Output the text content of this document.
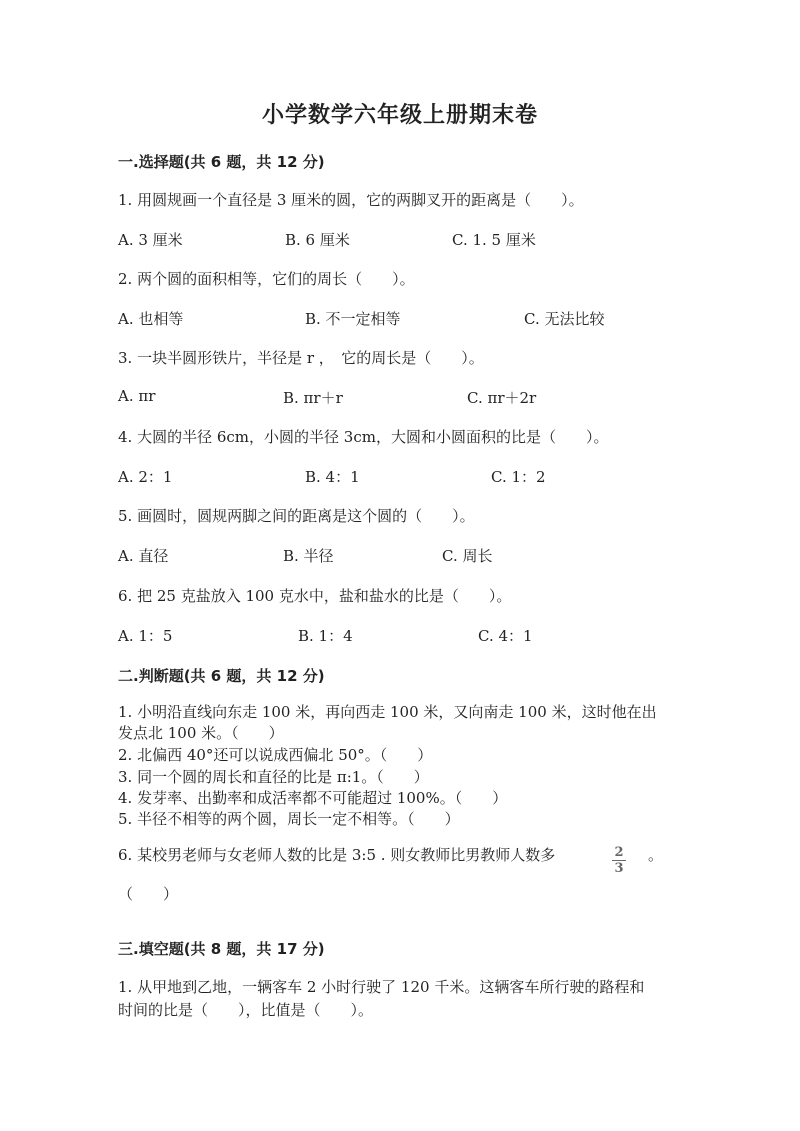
小学数学六年级上册期末卷
一.选择题(共 6 题，共 12 分)
1. 用圆规画一个直径是 3 厘米的圆，它的两脚叉开的距离是（　　）。
A. 3 厘米	B. 6 厘米	C. 1. 5 厘米
2. 两个圆的面积相等，它们的周长（　　）。
A. 也相等	B. 不一定相等	C. 无法比较
3. 一块半圆形铁片，半径是 r ，　它的周长是（　　）。
A. πr	B. πr＋r	C. πr＋2r
4. 大圆的半径 6cm，小圆的半径 3cm，大圆和小圆面积的比是（　　）。
A. 2：1	B. 4：1	C. 1：2
5. 画圆时，圆规两脚之间的距离是这个圆的（　　）。
A. 直径	B. 半径	C. 周长
6. 把 25 克盐放入 100 克水中，盐和盐水的比是（　　）。
A. 1：5	B. 1：4	C. 4：1
二.判断题(共 6 题，共 12 分)
1. 小明沿直线向东走 100 米，再向西走 100 米，又向南走 100 米，这时他在出
发点北 100 米。（　　）
2. 北偏西 40°还可以说成西偏北 50°。（　　）
3. 同一个圆的周长和直径的比是 π:1。（　　）
4. 发芽率、出勤率和成活率都不可能超过 100%。（　　）
5. 半径不相等的两个圆，周长一定不相等。（　　）
6. 某校男老师与女老师人数的比是 3:5 . 则女教师比男教师人数多	2
3
。
（　　）
三.填空题(共 8 题，共 17 分)
1. 从甲地到乙地，一辆客车 2 小时行驶了 120 千米。这辆客车所行驶的路程和
时间的比是（　　），比值是（　　）。
